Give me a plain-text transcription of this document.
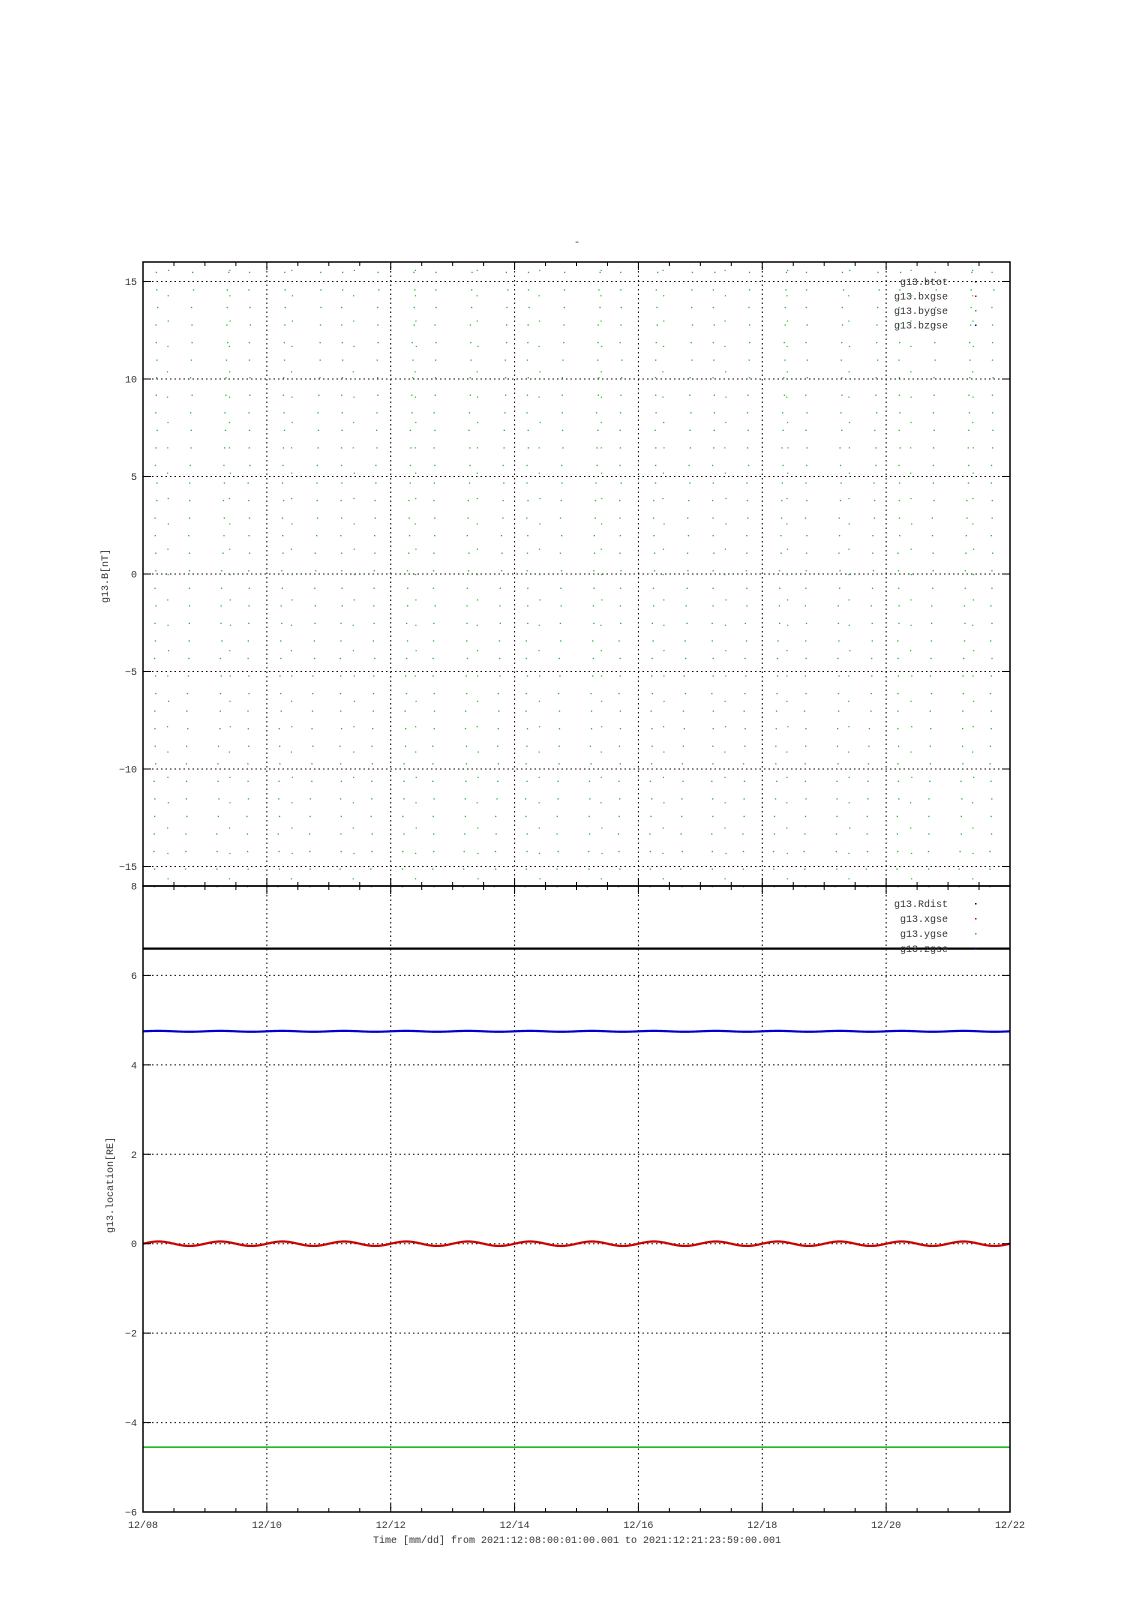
-
15
10
5
0
−5
−10
−15
8
6
4
2
0
−2
−4
−6
12/08	12/10	12/12	12/14	12/16	12/18	12/20	12/22
g13.B[nT]
g13.location[RE]
Time [mm/dd] from 2021:12:08:00:01:00.001 to 2021:12:21:23:59:00.001
g13.btot
g13.bxgse
g13.bygse
g13.bzgse
g13.Rdist
g13.xgse
g13.ygse
g13.zgse
